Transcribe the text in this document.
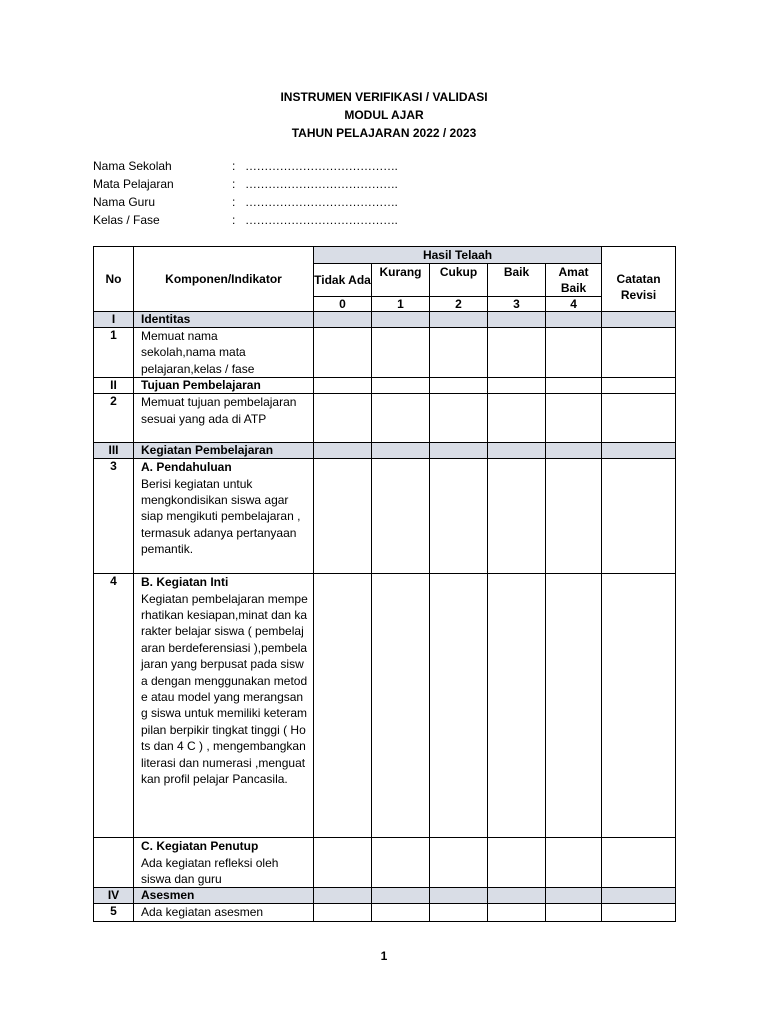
INSTRUMEN VERIFIKASI / VALIDASI
MODUL AJAR
TAHUN PELAJARAN 2022 / 2023
Nama Sekolah	: ………………………………….
Mata Pelajaran	: ………………………………….
Nama Guru	: ………………………………….
Kelas / Fase	: ………………………………….
No	Komponen/Indikator	Hasil Telaah					Catatan Revisi
		Tidak Ada	Kurang	Cukup	Baik	Amat Baik	
		0	1	2	3	4	
I	Identitas						
1	Memuat nama sekolah,nama mata pelajaran,kelas / fase						
II	Tujuan Pembelajaran						
2	Memuat tujuan pembelajaran sesuai yang ada di ATP						
III	Kegiatan Pembelajaran						
3	A. Pendahuluan
Berisi kegiatan untuk mengkondisikan siswa agar siap mengikuti pembelajaran , termasuk adanya pertanyaan pemantik.						

4	B. Kegiatan Inti
Kegiatan pembelajaran memperhatikan kesiapan,minat dan karakter belajar siswa ( pembelajaran berdeferensiasi ),pembelajaran yang berpusat pada siswa dengan menggunakan metode atau model yang merangsang siswa untuk memiliki keterampilan berpikir tingkat tinggi ( Hots dan 4 C ) , mengembangkan literasi dan numerasi ,menguatkan profil pelajar Pancasila.						

	C. Kegiatan Penutup
Ada kegiatan refleksi oleh siswa dan guru						

IV	Asesmen						
5	Ada kegiatan asesmen						
1
